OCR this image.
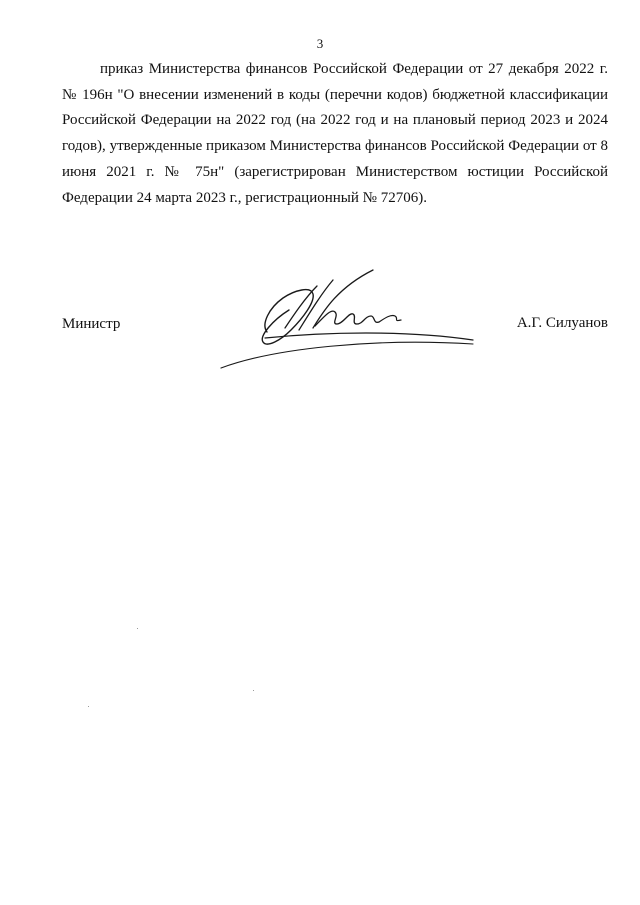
3

приказ Министерства финансов Российской Федерации от 27 декабря 2022 г. № 196н "О внесении изменений в коды (перечни кодов) бюджетной классификации Российской Федерации на 2022 год (на 2022 год и на плановый период 2023 и 2024 годов), утвержденные приказом Министерства финансов Российской Федерации от 8 июня 2021 г. № 75н" (зарегистрирован Министерством юстиции Российской Федерации 24 марта 2023 г., регистрационный № 72706).

Министр	А.Г. Силуанов
